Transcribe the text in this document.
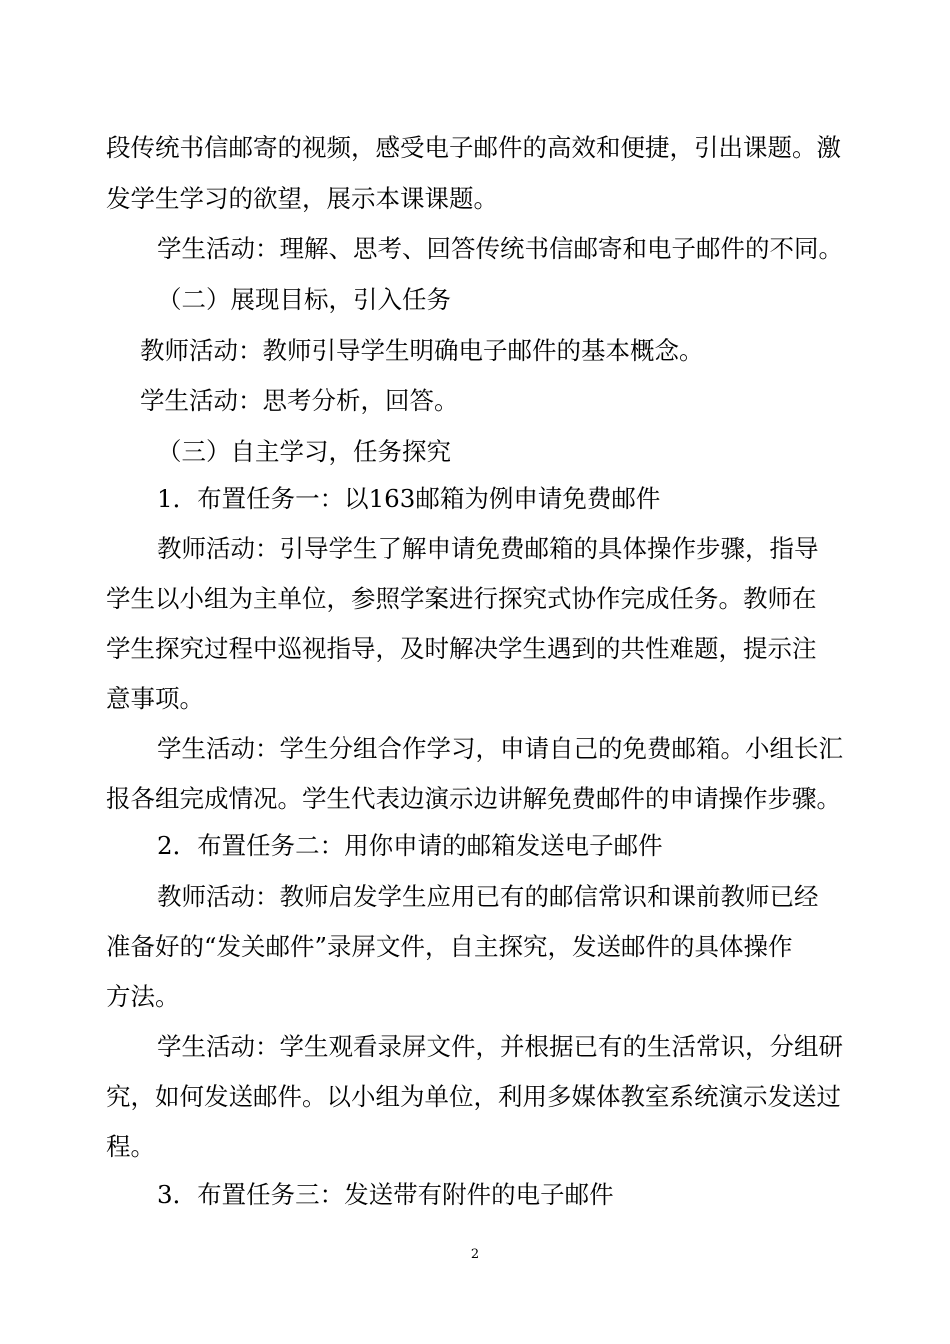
段传统书信邮寄的视频，感受电子邮件的高效和便捷，引出课题。激
发学生学习的欲望，展示本课课题。
学生活动：理解、思考、回答传统书信邮寄和电子邮件的不同。
（二）展现目标，引入任务
教师活动：教师引导学生明确电子邮件的基本概念。
学生活动：思考分析，回答。
（三）自主学习，任务探究
1．布置任务一：以163邮箱为例申请免费邮件
教师活动：引导学生了解申请免费邮箱的具体操作步骤，指导
学生以小组为主单位，参照学案进行探究式协作完成任务。教师在
学生探究过程中巡视指导，及时解决学生遇到的共性难题，提示注
意事项。
学生活动：学生分组合作学习，申请自己的免费邮箱。小组长汇
报各组完成情况。学生代表边演示边讲解免费邮件的申请操作步骤。
2．布置任务二：用你申请的邮箱发送电子邮件
教师活动：教师启发学生应用已有的邮信常识和课前教师已经
准备好的“发关邮件”录屏文件，自主探究，发送邮件的具体操作
方法。
学生活动：学生观看录屏文件，并根据已有的生活常识，分组研
究，如何发送邮件。以小组为单位，利用多媒体教室系统演示发送过
程。
3．布置任务三：发送带有附件的电子邮件
2
